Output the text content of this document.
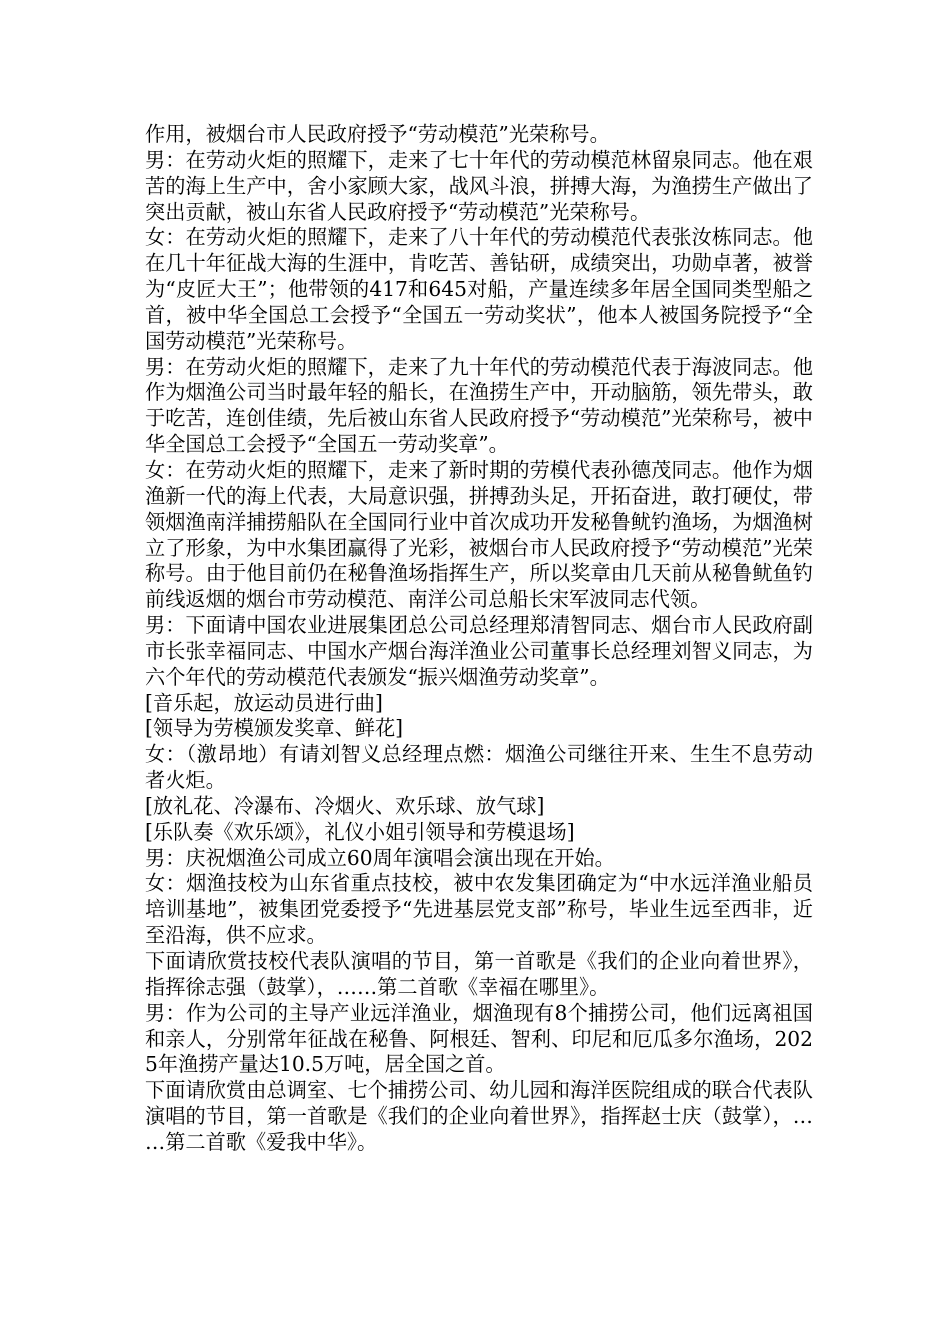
作用，被烟台市人民政府授予“劳动模范”光荣称号。

男：在劳动火炬的照耀下，走来了七十年代的劳动模范林留泉同志。他在艰苦的海上生产中，舍小家顾大家，战风斗浪，拼搏大海，为渔捞生产做出了突出贡献，被山东省人民政府授予“劳动模范”光荣称号。

女：在劳动火炬的照耀下，走来了八十年代的劳动模范代表张汝栋同志。他在几十年征战大海的生涯中，肯吃苦、善钻研，成绩突出，功勋卓著，被誉为“皮匠大王”；他带领的417和645对船，产量连续多年居全国同类型船之首，被中华全国总工会授予“全国五一劳动奖状”，他本人被国务院授予“全国劳动模范”光荣称号。

男：在劳动火炬的照耀下，走来了九十年代的劳动模范代表于海波同志。他作为烟渔公司当时最年轻的船长，在渔捞生产中，开动脑筋，领先带头，敢于吃苦，连创佳绩，先后被山东省人民政府授予“劳动模范”光荣称号，被中华全国总工会授予“全国五一劳动奖章”。

女：在劳动火炬的照耀下，走来了新时期的劳模代表孙德茂同志。他作为烟渔新一代的海上代表，大局意识强，拼搏劲头足，开拓奋进，敢打硬仗，带领烟渔南洋捕捞船队在全国同行业中首次成功开发秘鲁鱿钓渔场，为烟渔树立了形象，为中水集团赢得了光彩，被烟台市人民政府授予“劳动模范”光荣称号。由于他目前仍在秘鲁渔场指挥生产，所以奖章由几天前从秘鲁鱿鱼钓前线返烟的烟台市劳动模范、南洋公司总船长宋军波同志代领。

男：下面请中国农业进展集团总公司总经理郑清智同志、烟台市人民政府副市长张幸福同志、中国水产烟台海洋渔业公司董事长总经理刘智义同志，为六个年代的劳动模范代表颁发“振兴烟渔劳动奖章”。

[音乐起，放运动员进行曲]

[领导为劳模颁发奖章、鲜花]

女：（激昂地）有请刘智义总经理点燃：烟渔公司继往开来、生生不息劳动者火炬。

[放礼花、冷瀑布、冷烟火、欢乐球、放气球]

[乐队奏《欢乐颂》，礼仪小姐引领导和劳模退场]

男：庆祝烟渔公司成立60周年演唱会演出现在开始。

女：烟渔技校为山东省重点技校，被中农发集团确定为“中水远洋渔业船员培训基地”，被集团党委授予“先进基层党支部”称号，毕业生远至西非，近至沿海，供不应求。

下面请欣赏技校代表队演唱的节目，第一首歌是《我们的企业向着世界》，指挥徐志强（鼓掌），……第二首歌《幸福在哪里》。

男：作为公司的主导产业远洋渔业，烟渔现有8个捕捞公司，他们远离祖国和亲人，分别常年征战在秘鲁、阿根廷、智利、印尼和厄瓜多尔渔场，2025年渔捞产量达10.5万吨，居全国之首。

下面请欣赏由总调室、七个捕捞公司、幼儿园和海洋医院组成的联合代表队演唱的节目，第一首歌是《我们的企业向着世界》，指挥赵士庆（鼓掌），……第二首歌《爱我中华》。
